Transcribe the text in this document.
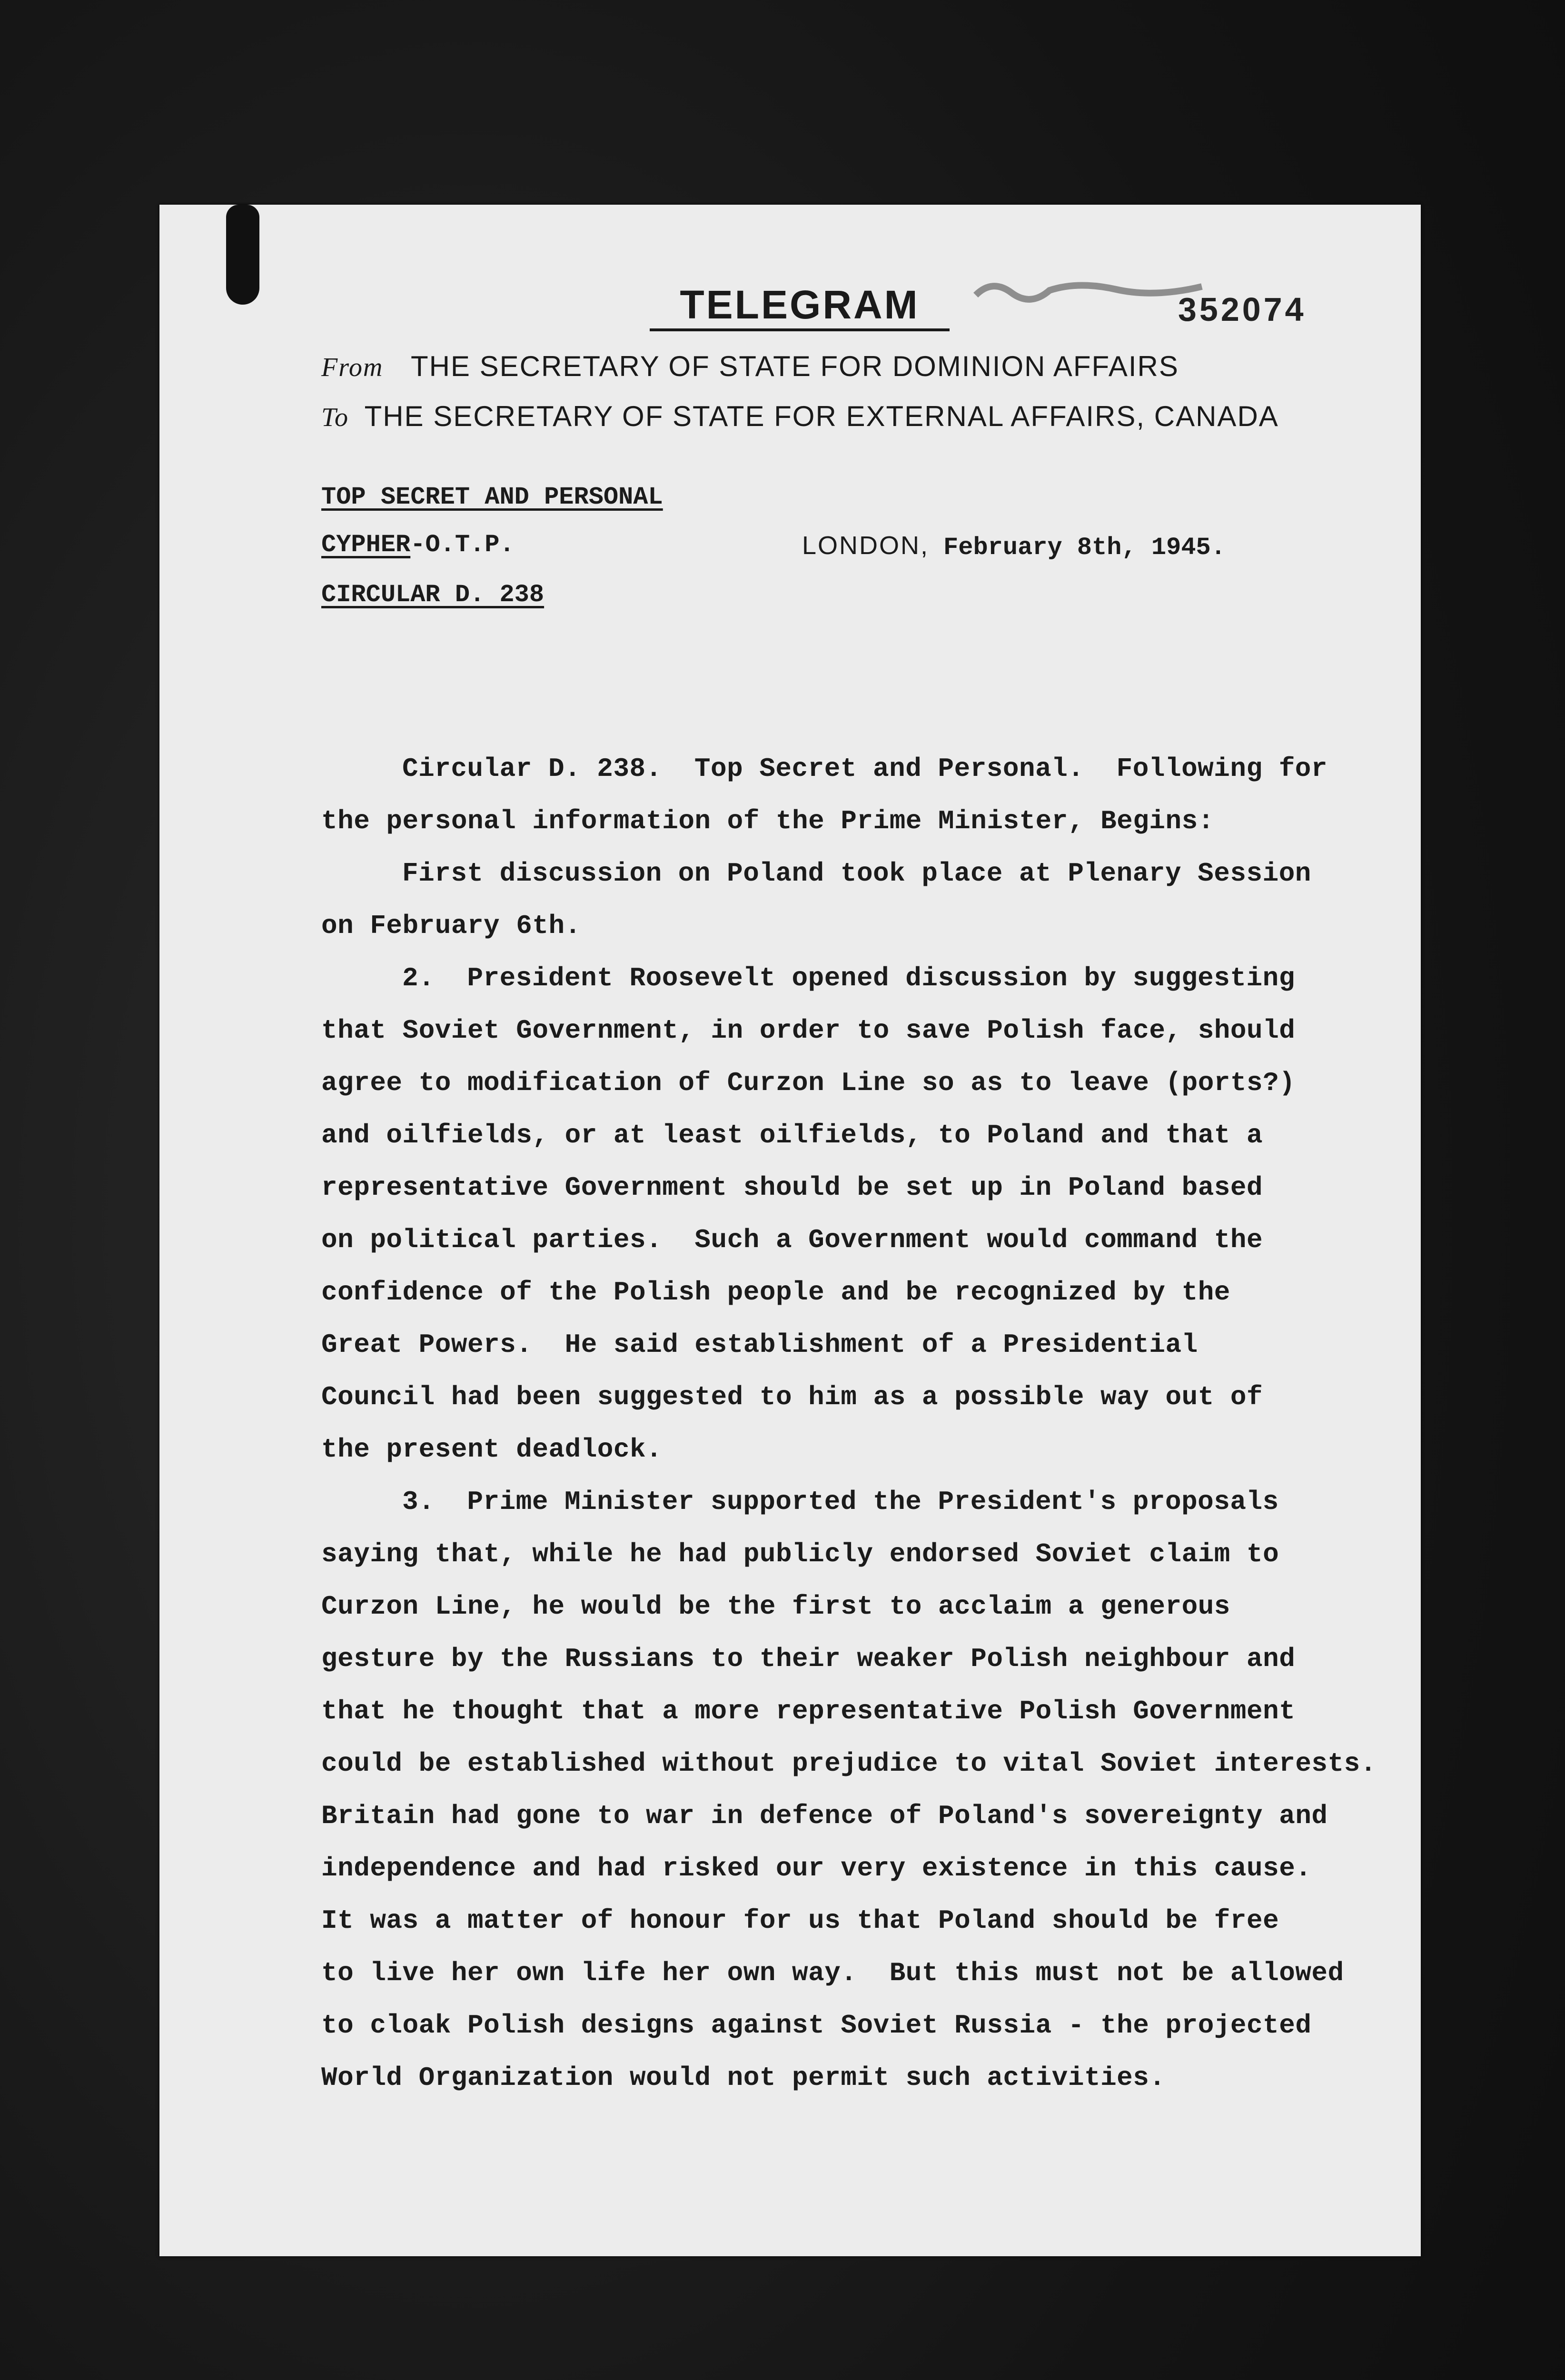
TELEGRAM	352074
From THE SECRETARY OF STATE FOR DOMINION AFFAIRS
To THE SECRETARY OF STATE FOR EXTERNAL AFFAIRS, CANADA
TOP SECRET AND PERSONAL
CYPHER-O.T.P.
CIRCULAR D. 238
LONDON, February 8th, 1945.
Circular D. 238.  Top Secret and Personal.  Following for
the personal information of the Prime Minister, Begins:
First discussion on Poland took place at Plenary Session
on February 6th.
2.  President Roosevelt opened discussion by suggesting
that Soviet Government, in order to save Polish face, should
agree to modification of Curzon Line so as to leave (ports?)
and oilfields, or at least oilfields, to Poland and that a
representative Government should be set up in Poland based
on political parties.  Such a Government would command the
confidence of the Polish people and be recognized by the
Great Powers.  He said establishment of a Presidential
Council had been suggested to him as a possible way out of
the present deadlock.
3.  Prime Minister supported the President's proposals
saying that, while he had publicly endorsed Soviet claim to
Curzon Line, he would be the first to acclaim a generous
gesture by the Russians to their weaker Polish neighbour and
that he thought that a more representative Polish Government
could be established without prejudice to vital Soviet interests.
Britain had gone to war in defence of Poland's sovereignty and
independence and had risked our very existence in this cause.
It was a matter of honour for us that Poland should be free
to live her own life her own way.  But this must not be allowed
to cloak Polish designs against Soviet Russia - the projected
World Organization would not permit such activities.
